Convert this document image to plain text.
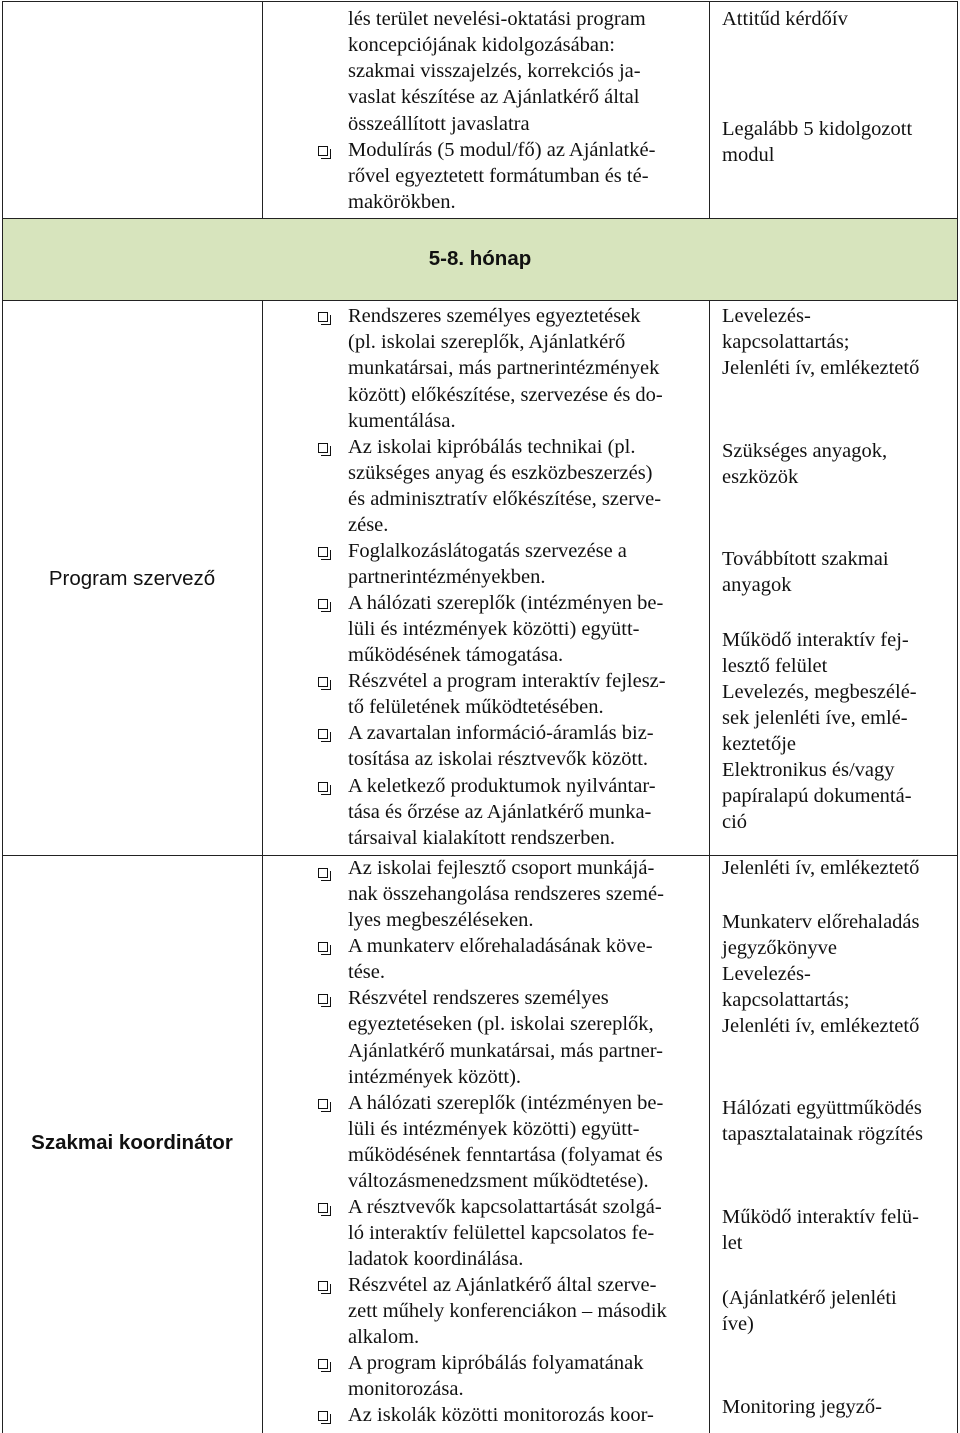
5-8. hónap
Program szervező
Szakmai koordinátor
lés terület nevelési-oktatási program
koncepciójának kidolgozásában:
szakmai visszajelzés, korrekciós ja-
vaslat készítése az Ajánlatkérő által
összeállított javaslatra
Modulírás (5 modul/fő) az Ajánlatké-
rővel egyeztetett formátumban és té-
makörökben.
Attitűd kérdőív
Legalább 5 kidolgozott
modul
Rendszeres személyes egyeztetések
(pl. iskolai szereplők, Ajánlatkérő
munkatársai, más partnerintézmények
között) előkészítése, szervezése és do-
kumentálása.
Az iskolai kipróbálás technikai (pl.
szükséges anyag és eszközbeszerzés)
és adminisztratív előkészítése, szerve-
zése.
Foglalkozáslátogatás szervezése a
partnerintézményekben.
A hálózati szereplők (intézményen be-
lüli és intézmények közötti) együtt-
működésének támogatása.
Részvétel a program interaktív fejlesz-
tő felületének működtetésében.
A zavartalan információ-áramlás biz-
tosítása az iskolai résztvevők között.
A keletkező produktumok nyilvántar-
tása és őrzése az Ajánlatkérő munka-
társaival kialakított rendszerben.
Levelezés-
kapcsolattartás;
Jelenléti ív, emlékeztető
Szükséges anyagok,
eszközök
Továbbított szakmai
anyagok
Működő interaktív fej-
lesztő felület
Levelezés, megbeszélé-
sek jelenléti íve, emlé-
keztetője
Elektronikus és/vagy
papíralapú dokumentá-
ció
Az iskolai fejlesztő csoport munkájá-
nak összehangolása rendszeres szemé-
lyes megbeszéléseken.
A munkaterv előrehaladásának köve-
tése.
Részvétel rendszeres személyes
egyeztetéseken (pl. iskolai szereplők,
Ajánlatkérő munkatársai, más partner-
intézmények között).
A hálózati szereplők (intézményen be-
lüli és intézmények közötti) együtt-
működésének fenntartása (folyamat és
változásmenedzsment működtetése).
A résztvevők kapcsolattartását szolgá-
ló interaktív felülettel kapcsolatos fe-
ladatok koordinálása.
Részvétel az Ajánlatkérő által szerve-
zett műhely konferenciákon – második
alkalom.
A program kipróbálás folyamatának
monitorozása.
Az iskolák közötti monitorozás koor-
Jelenléti ív, emlékeztető
Munkaterv előrehaladás
jegyzőkönyve
Levelezés-
kapcsolattartás;
Jelenléti ív, emlékeztető
Hálózati együttműködés
tapasztalatainak rögzítés
Működő interaktív felü-
let
(Ajánlatkérő jelenléti
íve)
Monitoring jegyző-
